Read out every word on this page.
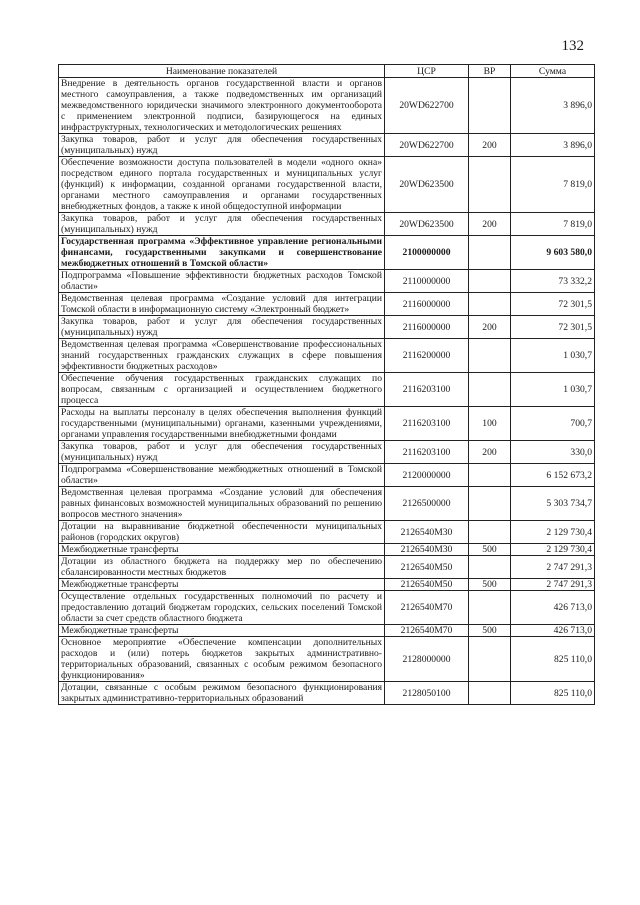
132
Наименование показателей	ЦСР	ВР	Сумма
Внедрение в деятельность органов государственной власти и органов местного самоуправления, а также подведомственных им организаций межведомственного юридически значимого электронного документооборота с применением электронной подписи, базирующегося на единых инфраструктурных, технологических и методологических решениях	20WD622700		3 896,0
Закупка товаров, работ и услуг для обеспечения государственных (муниципальных) нужд	20WD622700	200	3 896,0
Обеспечение возможности доступа пользователей в модели «одного окна» посредством единого портала государственных и муниципальных услуг (функций) к информации, созданной органами государственной власти, органами местного самоуправления и органами государственных внебюджетных фондов, а также к иной общедоступной информации	20WD623500		7 819,0
Закупка товаров, работ и услуг для обеспечения государственных (муниципальных) нужд	20WD623500	200	7 819,0
Государственная программа «Эффективное управление региональными финансами, государственными закупками и совершенствование межбюджетных отношений в Томской области»	2100000000		9 603 580,0
Подпрограмма «Повышение эффективности бюджетных расходов Томской области»	2110000000		73 332,2
Ведомственная целевая программа «Создание условий для интеграции Томской области в информационную систему «Электронный бюджет»	2116000000		72 301,5
Закупка товаров, работ и услуг для обеспечения государственных (муниципальных) нужд	2116000000	200	72 301,5
Ведомственная целевая программа «Совершенствование профессиональных знаний государственных гражданских служащих в сфере повышения эффективности бюджетных расходов»	2116200000		1 030,7
Обеспечение обучения государственных гражданских служащих по вопросам, связанным с организацией и осуществлением бюджетного процесса	2116203100		1 030,7
Расходы на выплаты персоналу в целях обеспечения выполнения функций государственными (муниципальными) органами, казенными учреждениями, органами управления государственными внебюджетными фондами	2116203100	100	700,7
Закупка товаров, работ и услуг для обеспечения государственных (муниципальных) нужд	2116203100	200	330,0
Подпрограмма «Совершенствование межбюджетных отношений в Томской области»	2120000000		6 152 673,2
Ведомственная целевая программа «Создание условий для обеспечения равных финансовых возможностей муниципальных образований по решению вопросов местного значения»	2126500000		5 303 734,7
Дотации на выравнивание бюджетной обеспеченности муниципальных районов (городских округов)	2126540М30		2 129 730,4
Межбюджетные трансферты	2126540М30	500	2 129 730,4
Дотации из областного бюджета на поддержку мер по обеспечению сбалансированности местных бюджетов	2126540М50		2 747 291,3
Межбюджетные трансферты	2126540М50	500	2 747 291,3
Осуществление отдельных государственных полномочий по расчету и предоставлению дотаций бюджетам городских, сельских поселений Томской области за счет средств областного бюджета	2126540М70		426 713,0
Межбюджетные трансферты	2126540М70	500	426 713,0
Основное мероприятие «Обеспечение компенсации дополнительных расходов и (или) потерь бюджетов закрытых административно-территориальных образований, связанных с особым режимом безопасного функционирования»	2128000000		825 110,0
Дотации, связанные с особым режимом безопасного функционирования закрытых административно-территориальных образований	2128050100		825 110,0
